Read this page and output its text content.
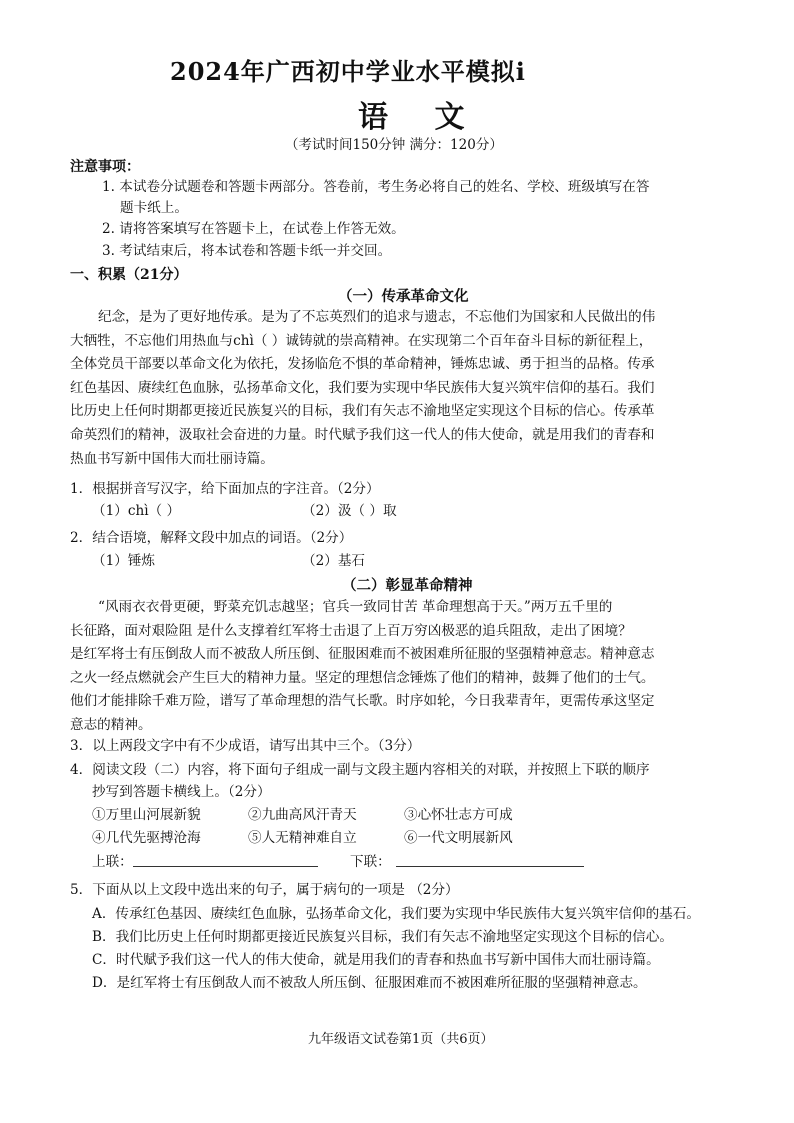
2024年广西初中学业水平模拟i
语 文
（考试时间150分钟 满分：120分）
注意事项：
1. 本试卷分试题卷和答题卡两部分。答卷前，考生务必将自己的姓名、学校、班级填写在答
题卡纸上。
2. 请将答案填写在答题卡上，在试卷上作答无效。
3. 考试结束后，将本试卷和答题卡纸一并交回。
一、积累（21分）
（一）传承革命文化
纪念，是为了更好地传承。是为了不忘英烈们的追求与遗志，不忘他们为国家和人民做出的伟
大牺牲，不忘他们用热血与chì（ ）诚铸就的崇高精神。在实现第二个百年奋斗目标的新征程上，
全体党员干部要以革命文化为依托，发扬临危不惧的革命精神，锤炼忠诚、勇于担当的品格。传承
红色基因、赓续红色血脉，弘扬革命文化，我们要为实现中华民族伟大复兴筑牢信仰的基石。我们
比历史上任何时期都更接近民族复兴的目标，我们有矢志不渝地坚定实现这个目标的信心。传承革
命英烈们的精神，汲取社会奋进的力量。时代赋予我们这一代人的伟大使命，就是用我们的青春和
热血书写新中国伟大而壮丽诗篇。
1．根据拼音写汉字，给下面加点的字注音。（2分）
（1）chì（ ）	（2）汲（ ）取
2．结合语境，解释文段中加点的词语。（2分）
（1）锤炼	（2）基石
（二）彰显革命精神
“风雨衣衣骨更硬，野菜充饥志越坚；官兵一致同甘苦 革命理想高于天。”两万五千里的
长征路，面对艰险阻 是什么支撑着红军将士击退了上百万穷凶极恶的追兵阻敌，走出了困境？
是红军将士有压倒敌人而不被敌人所压倒、征服困难而不被困难所征服的坚强精神意志。精神意志
之火一经点燃就会产生巨大的精神力量。坚定的理想信念锤炼了他们的精神，鼓舞了他们的士气。
他们才能排除千难万险，谱写了革命理想的浩气长歌。时序如轮，今日我辈青年，更需传承这坚定
意志的精神。
3．以上两段文字中有不少成语，请写出其中三个。（3分）
4．阅读文段（二）内容，将下面句子组成一副与文段主题内容相关的对联，并按照上下联的顺序
抄写到答题卡横线上。（2分）
①万里山河展新貌	②九曲高风汗青天	③心怀壮志方可成
④几代先驱搏沧海	⑤人无精神难自立	⑥一代文明展新风
上联：	下联：
5．下面从以上文段中选出来的句子，属于病句的一项是 （2分）
A．传承红色基因、赓续红色血脉，弘扬革命文化，我们要为实现中华民族伟大复兴筑牢信仰的基石。
B．我们比历史上任何时期都更接近民族复兴目标，我们有矢志不渝地坚定实现这个目标的信心。
C．时代赋予我们这一代人的伟大使命，就是用我们的青春和热血书写新中国伟大而壮丽诗篇。
D．是红军将士有压倒敌人而不被敌人所压倒、征服困难而不被困难所征服的坚强精神意志。
九年级语文试卷第1页（共6页）
